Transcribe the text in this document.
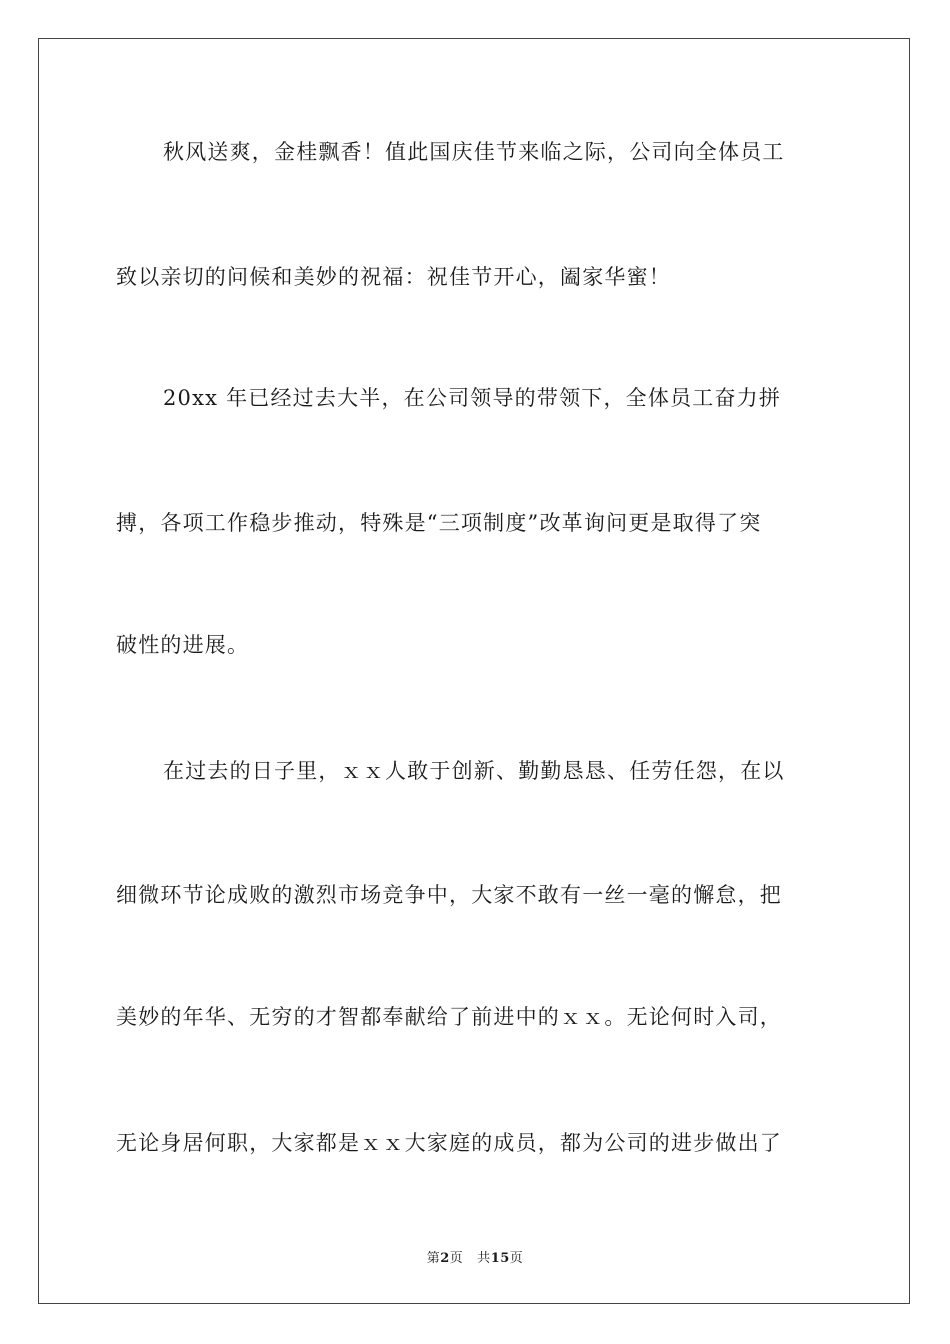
秋风送爽，金桂飘香！值此国庆佳节来临之际，公司向全体员工
致以亲切的问候和美妙的祝福：祝佳节开心，阖家华蜜！
20xx 年已经过去大半，在公司领导的带领下，全体员工奋力拼
搏，各项工作稳步推动，特殊是“三项制度”改革询问更是取得了突
破性的进展。
在过去的日子里，ｘｘ人敢于创新、勤勤恳恳、任劳任怨，在以
细微环节论成败的激烈市场竞争中，大家不敢有一丝一毫的懈怠，把
美妙的年华、无穷的才智都奉献给了前进中的ｘｘ。无论何时入司，
无论身居何职，大家都是ｘｘ大家庭的成员，都为公司的进步做出了
第2页 共15页
